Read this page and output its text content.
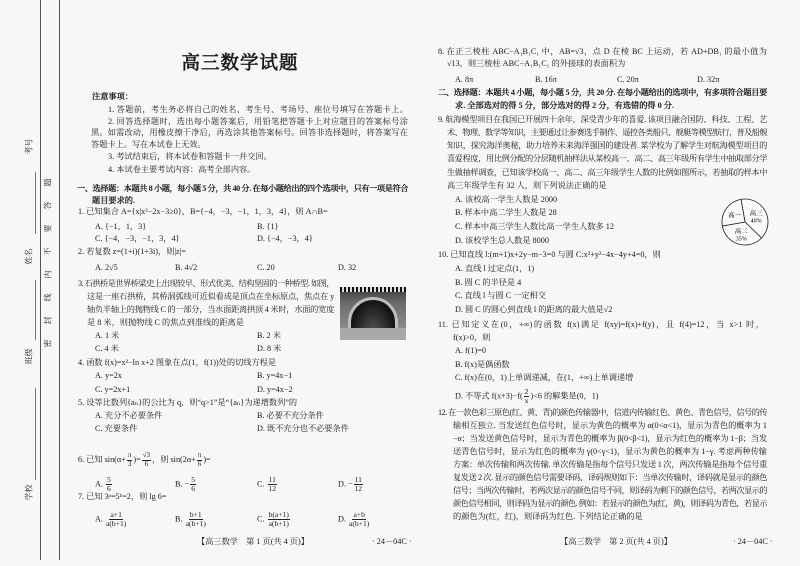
考号
姓名
班级
学校
密 封 线 内 不 要 答 题
高三数学试题
高三
40%
高二
35%
高一
注意事项：
1. 答题前，考生务必将自己的姓名、考生号、考场号、座位号填写在答题卡上。
2. 回答选择题时，选出每小题答案后，用铅笔把答题卡上对应题目的答案标号涂
黑。如需改动，用橡皮擦干净后，再选涂其他答案标号。回答非选择题时，将答案写在
答题卡上。写在本试卷上无效。
3. 考试结束后，将本试卷和答题卡一并交回。
4. 本试卷主要考试内容：高考全部内容。
一、选择题：本题共 8 小题，每小题 5 分，共 40 分. 在每小题给出的四个选项中，只有一项是符合
题目要求的.
1. 已知集合 A={x|x²−2x−3≥0}，B={−4，−3，−1，1，3，4}，则 A∩B=
A. {−1，1，3}	B. {1}
C. {−4，−3，−1，3，4}	D. {−4，−3，4}
2. 若复数 z=(1+i)(1+3i)，则|z|=
A. 2√5	B. 4√2	C. 20	D. 32
3. 石拱桥是世界桥梁史上出现较早、形式优美、结构坚固的一种桥型. 如图，
这是一座石拱桥，其桥洞弧线可近似看成是顶点在坐标原点，焦点在 y
轴负半轴上的抛物线 C 的一部分，当水面距离拱顶 4 米时，水面的宽度
是 8 米，则抛物线 C 的焦点到准线的距离是
A. 1 米	B. 2 米
C. 4 米	D. 8 米
4. 函数 f(x)=x²−ln x+2 图象在点(1，f(1))处的切线方程是
A. y=2x	B. y=4x−1
C. y=2x+1	D. y=4x−2
5. 设等比数列{aₙ}的公比为 q，则“q>1”是“{aₙ}为递增数列”的
A. 充分不必要条件	B. 必要不充分条件
C. 充要条件	D. 既不充分也不必要条件
6. 已知 $\sin(\alpha+ \frac{\pi}{3}$ )= $\frac{√3}{6}$ ，则 $\sin(2\alpha+ \frac{\pi}{6}$ )=
A. $\frac{5}{6}$	B. − $\frac{5}{6}$	C. $\frac{11}{12}$	D. − $\frac{11}{12}$
7. 已知 3ᵃ=5ᵇ=2，则 lg 6=
A. $\frac{a+1}{a(b+1)}$	B. $\frac{b+1}{a(b+1)}$	C. $\frac{b(a+1)}{a(b+1)}$	D. $\frac{a+b}{a(b+1)}$
【高三数学　第 1 页(共 4 页)】	· 24－04C ·
8. 在正三棱柱 ABC−A₁B₁C₁ 中，AB=√3，点 D 在棱 BC 上运动，若 AD+DB₁ 的最小值为
√13，则三棱柱 ABC−A₁B₁C₁ 的外接球的表面积为
A. 8π	B. 16π	C. 20π	D. 32π
二、选择题：本题共 4 小题，每小题 5 分，共 20 分. 在每小题给出的选项中，有多项符合题目要
求. 全部选对的得 5 分，部分选对的得 2 分，有选错的得 0 分.
9. 航海模型项目在我国已开展四十余年，深受青少年的喜爱. 该项目融合国防、科技、工程、艺
术、物理、数学等知识，主要通过让参赛选手制作、遥控各类船只、舰艇等模型航行，普及船舰
知识，探究海洋奥秘，助力培养未来海洋强国的建设者. 某学校为了解学生对航海模型项目的
喜爱程度，用比例分配的分层随机抽样法从某校高一、高二、高三年级所有学生中抽取部分学
生做抽样调查，已知该学校高一、高二、高三年级学生人数的比例如图所示，若抽取的样本中
高三年级学生有 32 人，则下列说法正确的是
A. 该校高一学生人数是 2000
B. 样本中高二学生人数是 28
C. 样本中高三学生人数比高一学生人数多 12
D. 该校学生总人数是 8000
10. 已知直线 l:(m+1)x+2y−m−3=0 与圆 C:x²+y²−4x−4y+4=0，则
A. 直线 l 过定点(1，1)
B. 圆 C 的半径是 4
C. 直线 l 与圆 C 一定相交
D. 圆 C 的圆心到直线 l 的距离的最大值是√2
11. 已知定义在(0，+∞)的函数 f(x)满足 f(xy)=f(x)+f(y)，且 f(4)=12，当 x>1 时，
f(x)>0，则
A. f(1)=0
B. f(x)是偶函数
C. f(x)在(0，1)上单调递减，在(1，+∞)上单调递增
D. 不等式 $f(x+3)-f( \frac{2}{x} )<6$ 的解集是(0，1)
12. 在一款色彩三原色(红、黄、青)的颜色传输器中，信道内传输红色、黄色、青色信号，信号的传
输相互独立. 当发送红色信号时，显示为黄色的概率为 α(0<α<1)，显示为青色的概率为 1
−α；当发送黄色信号时，显示为青色的概率为 β(0<β<1)，显示为红色的概率为 1−β；当发
送青色信号时，显示为红色的概率为 γ(0<γ<1)，显示为黄色的概率为 1−γ. 考虑两种传输
方案：单次传输和两次传输. 单次传输是指每个信号只发送 1 次，两次传输是指每个信号重
复发送 2 次. 显示的颜色信号需要译码，译码规则如下：当单次传输时，译码就是显示的颜色
信号；当两次传输时，若两次显示的颜色信号不同，则译码为剩下的颜色信号，若两次显示的
颜色信号相同，则译码为显示的颜色. 例如：若显示的颜色为(红，黄)，则译码为青色，若显示
的颜色为(红，红)，则译码为红色. 下列结论正确的是
【高三数学　第 2 页(共 4 页)】	· 24－04C ·
